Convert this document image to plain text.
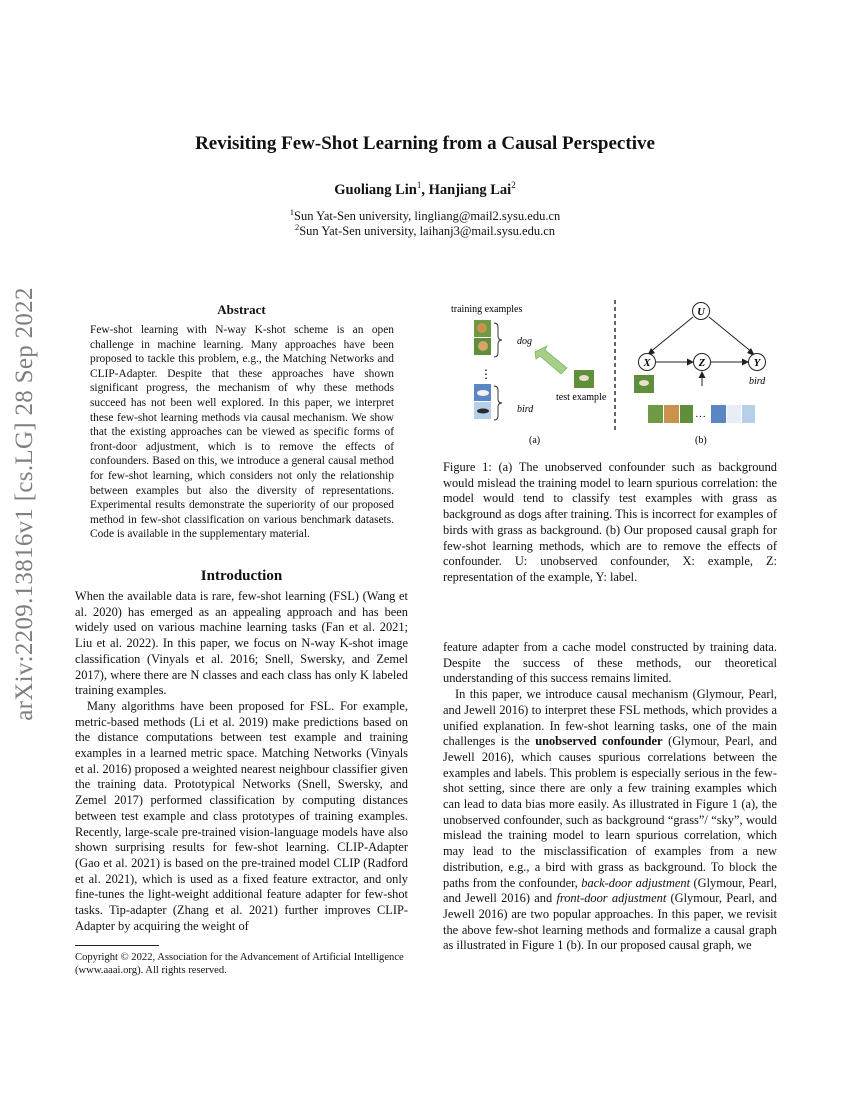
arXiv:2209.13816v1 [cs.LG] 28 Sep 2022
Revisiting Few-Shot Learning from a Causal Perspective
Guoliang Lin$^1$, Hanjiang Lai$^2$
$^1$Sun Yat-Sen university, lingliang@mail2.sysu.edu.cn
$^2$Sun Yat-Sen university, laihanj3@mail.sysu.edu.cn
Abstract
Few-shot learning with N-way K-shot scheme is an open challenge in machine learning. Many approaches have been proposed to tackle this problem, e.g., the Matching Networks and CLIP-Adapter. Despite that these approaches have shown significant progress, the mechanism of why these methods succeed has not been well explored. In this paper, we interpret these few-shot learning methods via causal mechanism. We show that the existing approaches can be viewed as specific forms of front-door adjustment, which is to remove the effects of confounders. Based on this, we introduce a general causal method for few-shot learning, which considers not only the relationship between examples but also the diversity of representations. Experimental results demonstrate the superiority of our proposed method in few-shot classification on various benchmark datasets. Code is available in the supplementary material.
Introduction

When the available data is rare, few-shot learning (FSL) (Wang et al. 2020) has emerged as an appealing approach and has been widely used on various machine learning tasks (Fan et al. 2021; Liu et al. 2022). In this paper, we focus on N-way K-shot image classification (Vinyals et al. 2016; Snell, Swersky, and Zemel 2017), where there are N classes and each class has only K labeled training examples.

Many algorithms have been proposed for FSL. For example, metric-based methods (Li et al. 2019) make predictions based on the distance computations between test example and training examples in a learned metric space. Matching Networks (Vinyals et al. 2016) proposed a weighted nearest neighbour classifier given the training data. Prototypical Networks (Snell, Swersky, and Zemel 2017) performed classification by computing distances between test example and class prototypes of training examples. Recently, large-scale pre-trained vision-language models have also shown surprising results for few-shot learning. CLIP-Adapter (Gao et al. 2021) is based on the pre-trained model CLIP (Radford et al. 2021), which is used as a fixed feature extractor, and only fine-tunes the light-weight additional feature adapter for few-shot tasks. Tip-adapter (Zhang et al. 2021) further improves CLIP-Adapter by acquiring the weight of

Copyright © 2022, Association for the Advancement of Artificial Intelligence (www.aaai.org). All rights reserved.
training examples
dog
⋮
bird
test example
(a)
U
X	Z	Y
bird
···
(b)
Figure 1: (a) The unobserved confounder such as background would mislead the training model to learn spurious correlation: the model would tend to classify test examples with grass as background as dogs after training. This is incorrect for examples of birds with grass as background. (b) Our proposed causal graph for few-shot learning methods, which are to remove the effects of confounder. U: unobserved confounder, X: example, Z: representation of the example, Y: label.

feature adapter from a cache model constructed by training data. Despite the success of these methods, our theoretical understanding of this success remains limited.

In this paper, we introduce causal mechanism (Glymour, Pearl, and Jewell 2016) to interpret these FSL methods, which provides a unified explanation. In few-shot learning tasks, one of the main challenges is the unobserved confounder (Glymour, Pearl, and Jewell 2016), which causes spurious correlations between the examples and labels. This problem is especially serious in the few-shot setting, since there are only a few training examples which can lead to data bias more easily. As illustrated in Figure 1 (a), the unobserved confounder, such as background “grass”/ “sky”, would mislead the training model to learn spurious correlation, which may lead to the misclassification of examples from a new distribution, e.g., a bird with grass as background. To block the paths from the confounder, back-door adjustment (Glymour, Pearl, and Jewell 2016) and front-door adjustment (Glymour, Pearl, and Jewell 2016) are two popular approaches. In this paper, we revisit the above few-shot learning methods and formalize a causal graph as illustrated in Figure 1 (b). In our proposed causal graph, we
